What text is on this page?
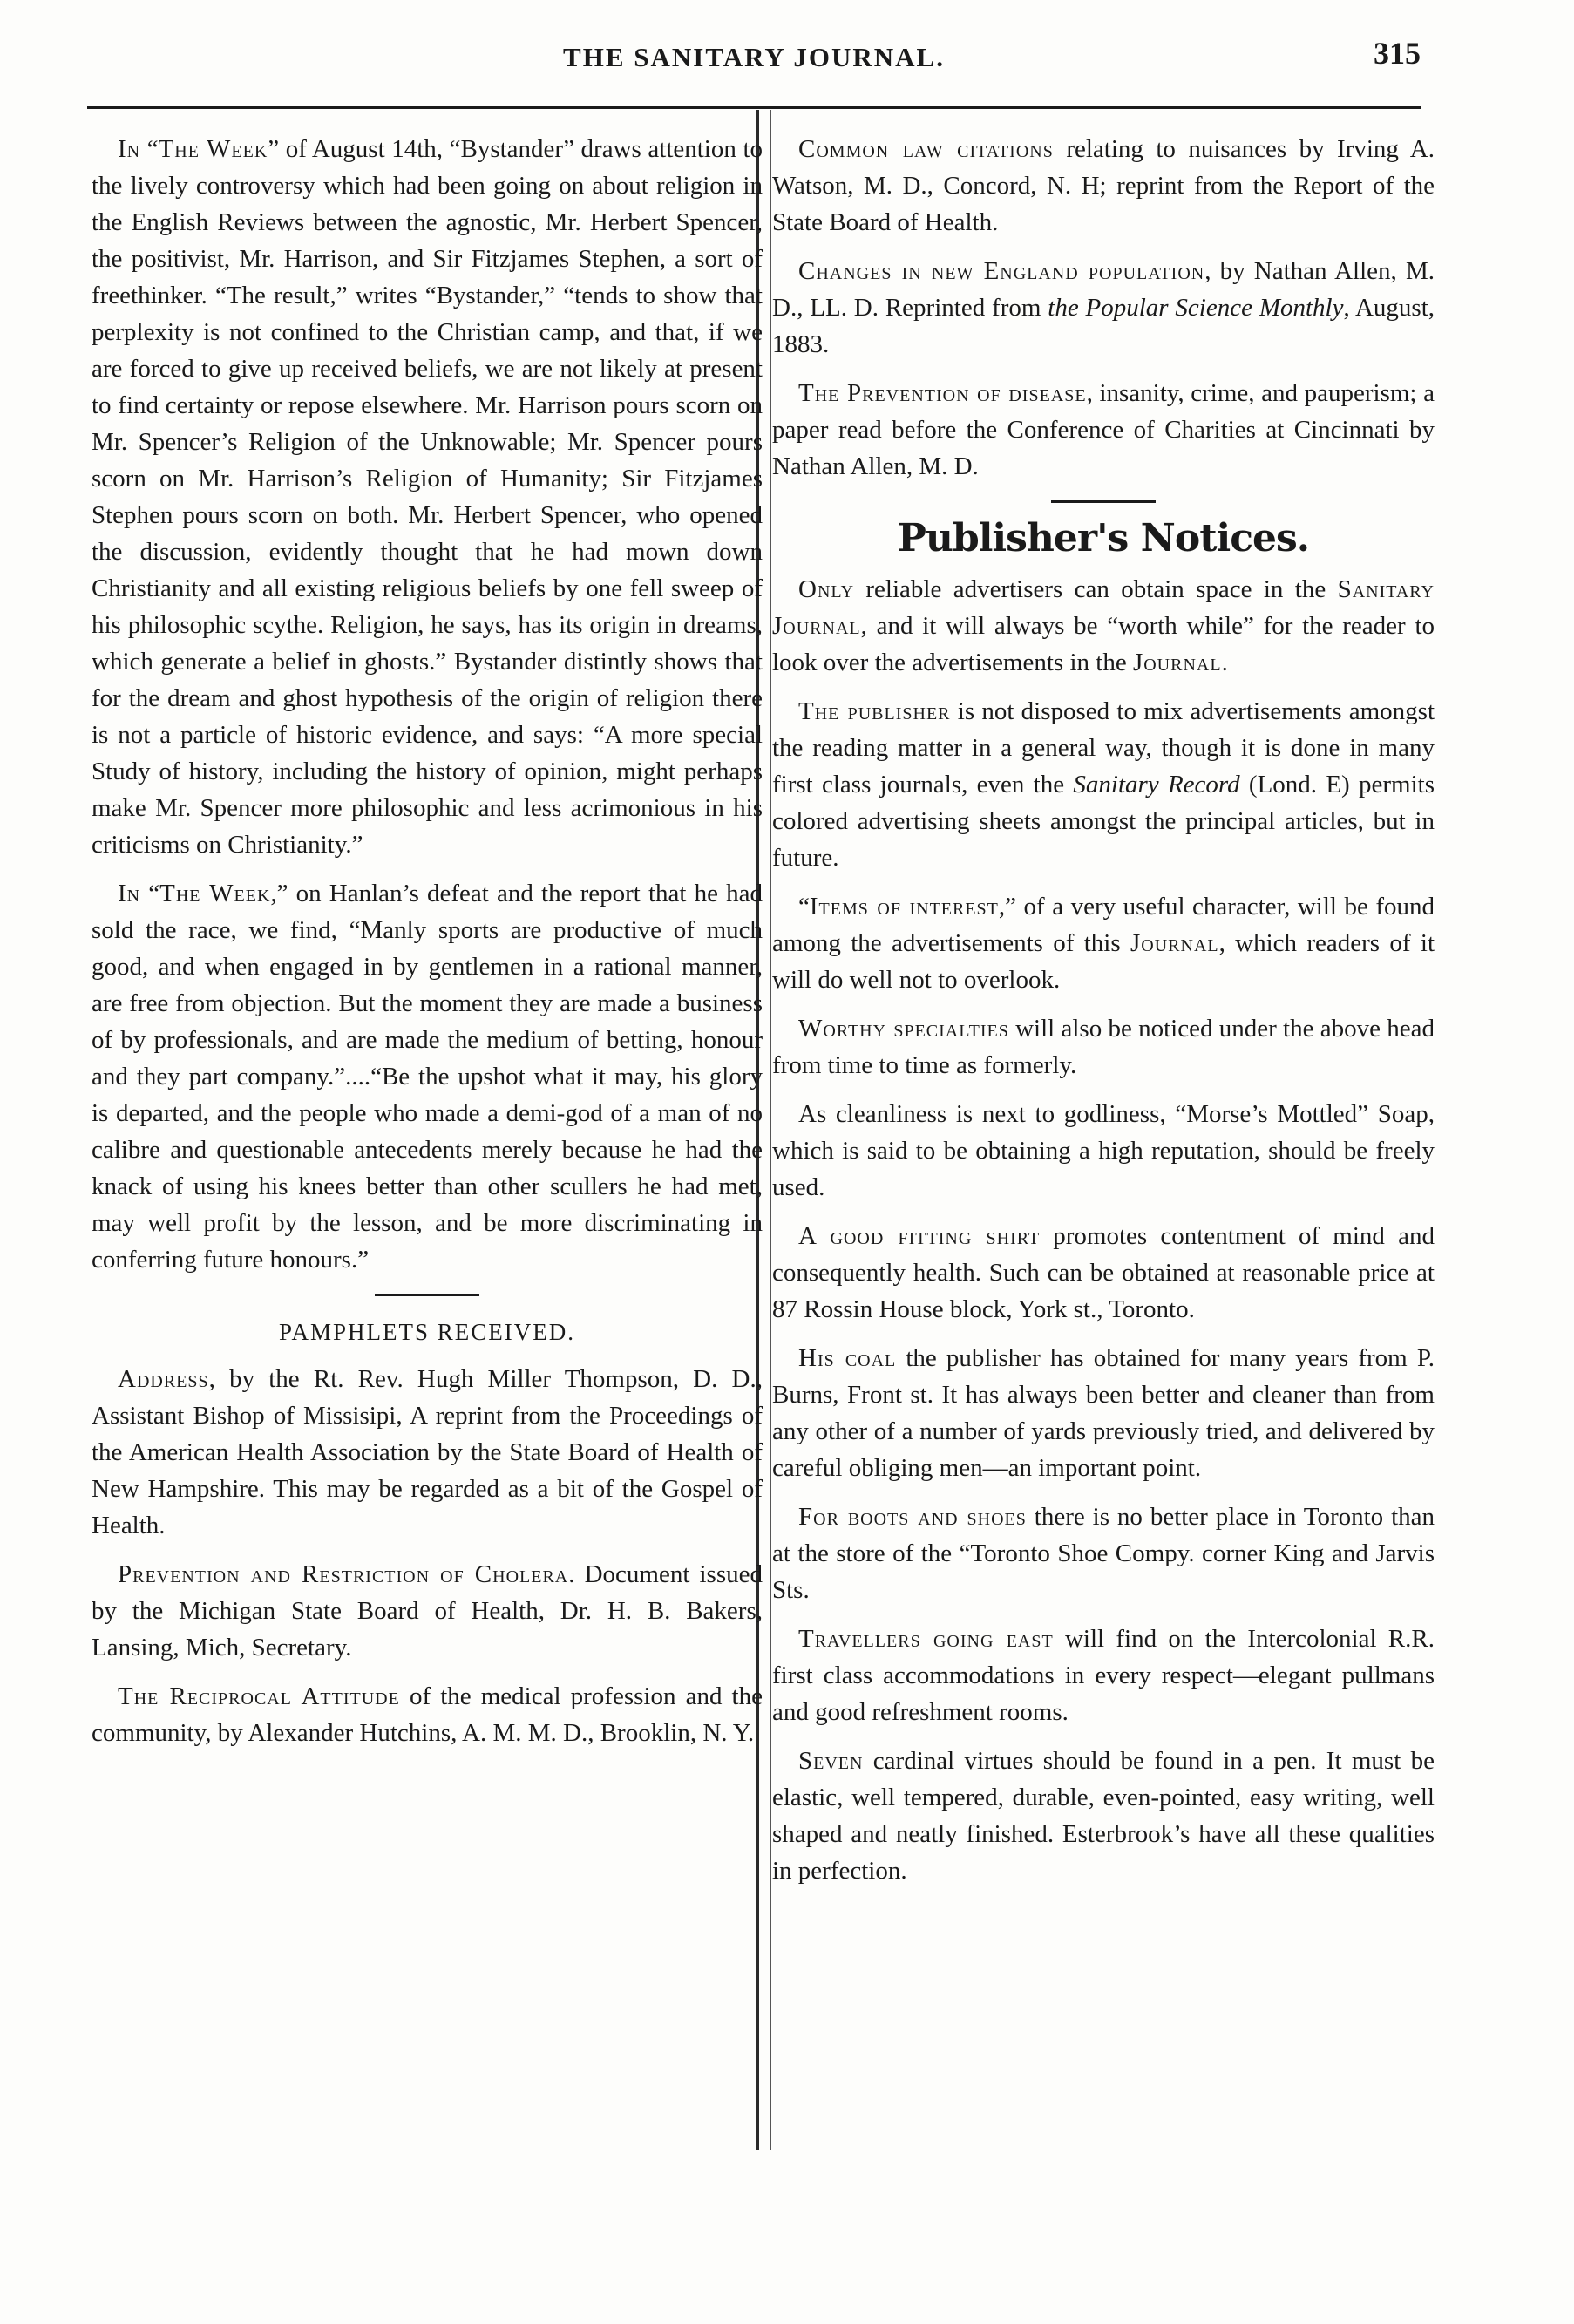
THE SANITARY JOURNAL.	315

In “The Week” of August 14th, “Bystander” draws attention to the lively controversy which had been going on about religion in the English Reviews between the agnostic, Mr. Herbert Spencer, the positivist, Mr. Harrison, and Sir Fitzjames Stephen, a sort of freethinker. “The result,” writes “Bystander,” “tends to show that perplexity is not confined to the Christian camp, and that, if we are forced to give up received beliefs, we are not likely at present to find certainty or repose elsewhere. Mr. Harrison pours scorn on Mr. Spencer’s Religion of the Unknowable; Mr. Spencer pours scorn on Mr. Harrison’s Religion of Humanity; Sir Fitzjames Stephen pours scorn on both. Mr. Herbert Spencer, who opened the discussion, evidently thought that he had mown down Christianity and all existing religious beliefs by one fell sweep of his philosophic scythe. Religion, he says, has its origin in dreams, which generate a belief in ghosts.” Bystander distintly shows that for the dream and ghost hypothesis of the origin of religion there is not a particle of historic evidence, and says: “A more special Study of history, including the history of opinion, might perhaps make Mr. Spencer more philosophic and less acrimonious in his criticisms on Christianity.”

In “The Week,” on Hanlan’s defeat and the report that he had sold the race, we find, “Manly sports are productive of much good, and when engaged in by gentlemen in a rational manner, are free from objection. But the moment they are made a business of by professionals, and are made the medium of betting, honour and they part company.”....“Be the upshot what it may, his glory is departed, and the people who made a demi-god of a man of no calibre and questionable antecedents merely because he had the knack of using his knees better than other scullers he had met, may well profit by the lesson, and be more discriminating in conferring future honours.”

PAMPHLETS RECEIVED.

Address, by the Rt. Rev. Hugh Miller Thompson, D. D., Assistant Bishop of Missisipi, A reprint from the Proceedings of the American Health Association by the State Board of Health of New Hampshire. This may be regarded as a bit of the Gospel of Health.

Prevention and Restriction of Cholera. Document issued by the Michigan State Board of Health, Dr. H. B. Bakers, Lansing, Mich, Secretary.

The Reciprocal Attitude of the medical profession and the community, by Alexander Hutchins, A. M. M. D., Brooklin, N. Y.

Common law citations relating to nuisances by Irving A. Watson, M. D., Concord, N. H; reprint from the Report of the State Board of Health.

Changes in new England population, by Nathan Allen, M. D., LL. D. Reprinted from the Popular Science Monthly, August, 1883.

The Prevention of disease, insanity, crime, and pauperism; a paper read before the Conference of Charities at Cincinnati by Nathan Allen, M. D.

Publisher's Notices.

Only reliable advertisers can obtain space in the Sanitary Journal, and it will always be “worth while” for the reader to look over the advertisements in the Journal.

The publisher is not disposed to mix advertisements amongst the reading matter in a general way, though it is done in many first class journals, even the Sanitary Record (Lond. E) permits colored advertising sheets amongst the principal articles, but in future.

“Items of interest,” of a very useful character, will be found among the advertisements of this Journal, which readers of it will do well not to overlook.

Worthy specialties will also be noticed under the above head from time to time as formerly.

As cleanliness is next to godliness, “Morse’s Mottled” Soap, which is said to be obtaining a high reputation, should be freely used.

A good fitting shirt promotes contentment of mind and consequently health. Such can be obtained at reasonable price at 87 Rossin House block, York st., Toronto.

His coal the publisher has obtained for many years from P. Burns, Front st. It has always been better and cleaner than from any other of a number of yards previously tried, and delivered by careful obliging men—an important point.

For boots and shoes there is no better place in Toronto than at the store of the “Toronto Shoe Compy. corner King and Jarvis Sts.

Travellers going east will find on the Intercolonial R.R. first class accommodations in every respect—elegant pullmans and good refreshment rooms.

Seven cardinal virtues should be found in a pen. It must be elastic, well tempered, durable, even-pointed, easy writing, well shaped and neatly finished. Esterbrook’s have all these qualities in perfection.
